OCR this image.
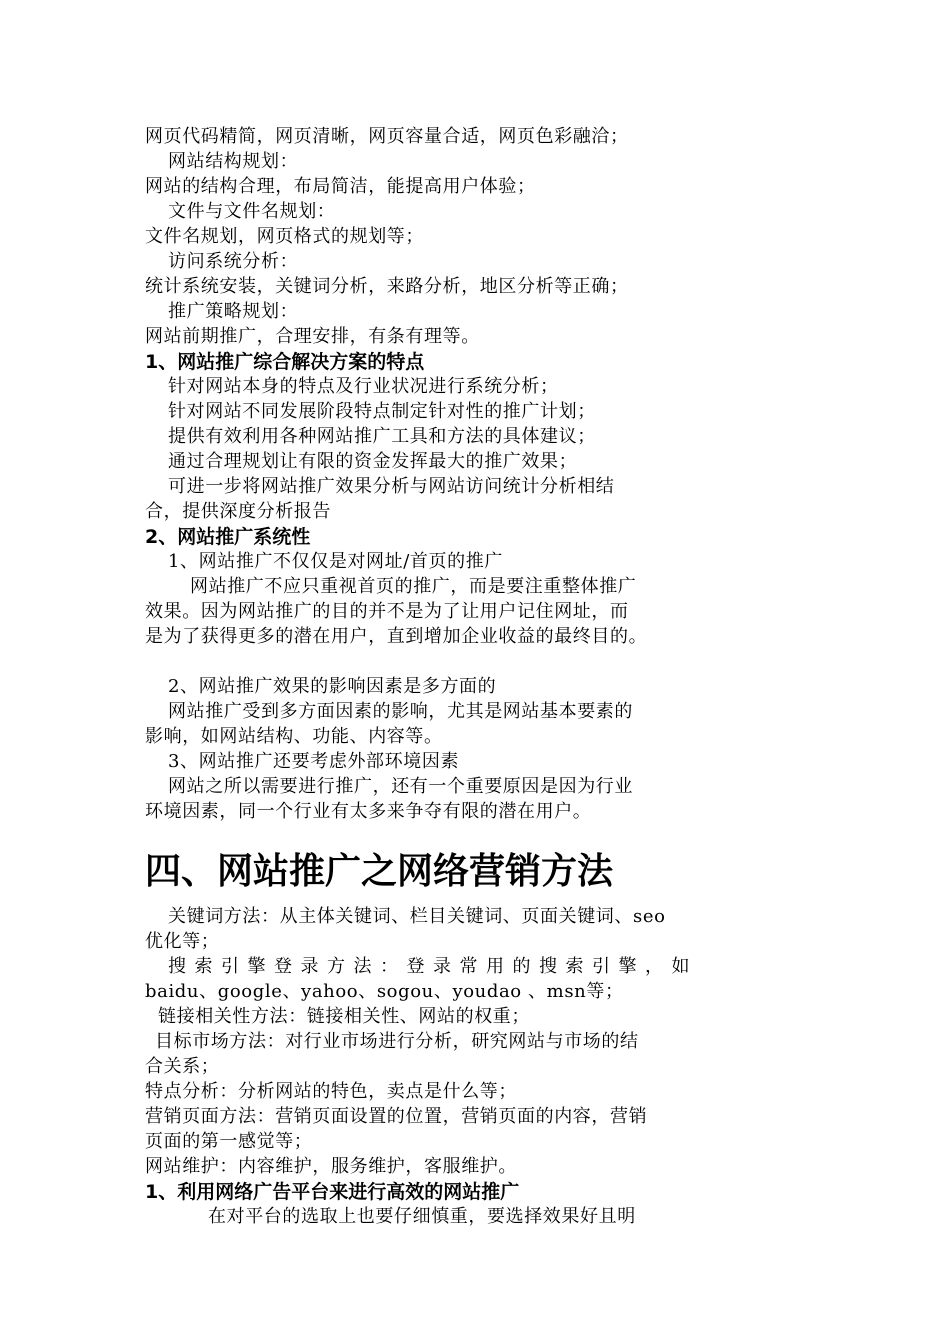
网页代码精简，网页清晰，网页容量合适，网页色彩融洽；
网站结构规划：
网站的结构合理，布局简洁，能提高用户体验；
文件与文件名规划：
文件名规划，网页格式的规划等；
访问系统分析：
统计系统安装，关键词分析，来路分析，地区分析等正确；
推广策略规划：
网站前期推广，合理安排，有条有理等。
1、网站推广综合解决方案的特点
针对网站本身的特点及行业状况进行系统分析；
针对网站不同发展阶段特点制定针对性的推广计划；
提供有效利用各种网站推广工具和方法的具体建议；
通过合理规划让有限的资金发挥最大的推广效果；
可进一步将网站推广效果分析与网站访问统计分析相结
合，提供深度分析报告
2、网站推广系统性
1、网站推广不仅仅是对网址/首页的推广
网站推广不应只重视首页的推广，而是要注重整体推广
效果。因为网站推广的目的并不是为了让用户记住网址，而
是为了获得更多的潜在用户，直到增加企业收益的最终目的。
2、网站推广效果的影响因素是多方面的
网站推广受到多方面因素的影响，尤其是网站基本要素的
影响，如网站结构、功能、内容等。
3、网站推广还要考虑外部环境因素
网站之所以需要进行推广，还有一个重要原因是因为行业
环境因素，同一个行业有太多来争夺有限的潜在用户。
四、网站推广之网络营销方法
关键词方法：从主体关键词、栏目关键词、页面关键词、seo
优化等；
搜索引擎登录方法：登录常用的搜索引擎，如
baidu、google、yahoo、sogou、youdao 、msn等；
链接相关性方法：链接相关性、网站的权重；
目标市场方法：对行业市场进行分析，研究网站与市场的结
合关系；
特点分析：分析网站的特色，卖点是什么等；
营销页面方法：营销页面设置的位置，营销页面的内容，营销
页面的第一感觉等；
网站维护：内容维护，服务维护，客服维护。
1、利用网络广告平台来进行高效的网站推广
在对平台的选取上也要仔细慎重，要选择效果好且明
